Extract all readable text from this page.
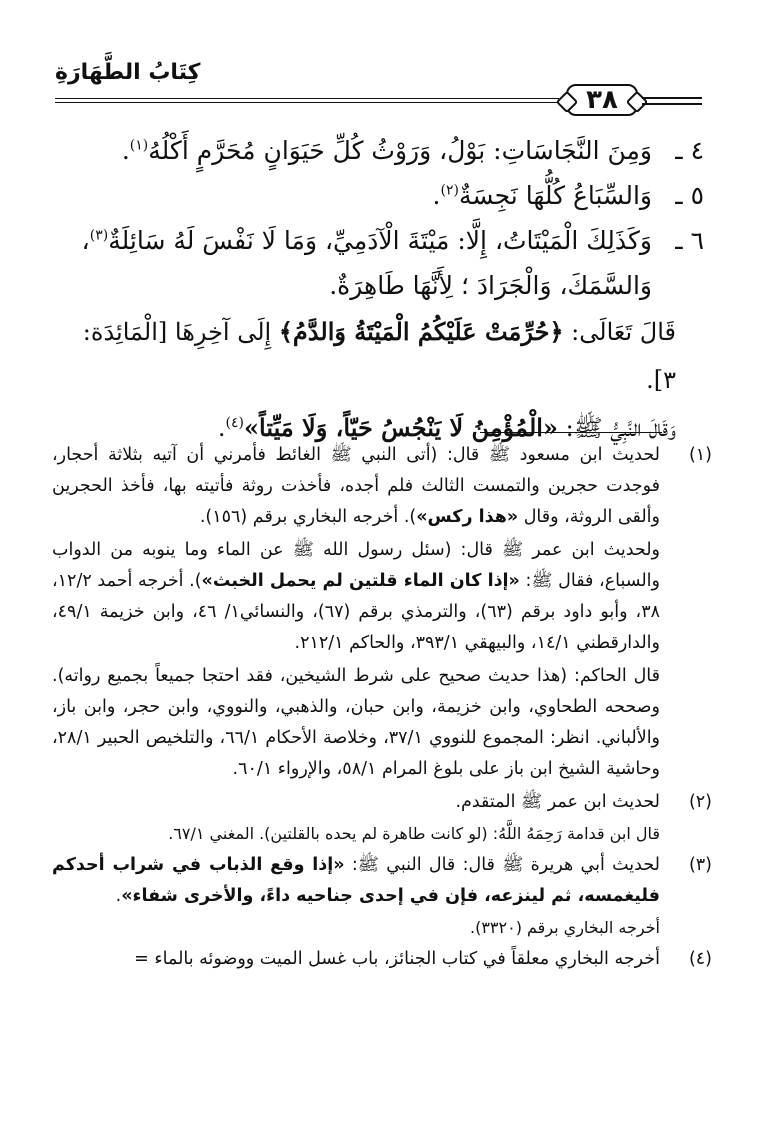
كِتَابُ الطَّهَارَةِ
٣٨
٤ ـ
وَمِنَ النَّجَاسَاتِ: بَوْلُ، وَرَوْثُ كُلِّ حَيَوَانٍ مُحَرَّمٍ أَكْلُهُ$^{(١)}$.
٥ ـ
وَالسِّبَاعُ كُلُّهَا نَجِسَةٌ$^{(٢)}$.
٦ ـ
وَكَذَلِكَ الْمَيْتَاتُ، إِلَّا: مَيْتَةَ الْآدَمِيِّ، وَمَا لَا نَفْسَ لَهُ سَائِلَةٌ$^{(٣)}$،
وَالسَّمَكَ، وَالْجَرَادَ ؛ لِأَنَّهَا طَاهِرَةٌ.
قَالَ تَعَالَى: ﴿حُرِّمَتْ عَلَيْكُمُ الْمَيْتَةُ وَالدَّمُ﴾ إِلَى آخِرِهَا [الْمَائِدَة: ٣].
وَقَالَ النَّبِيُّ ﷺ: «الْمُؤْمِنُ لَا يَنْجُسُ حَيّاً، وَلَا مَيِّتاً»$^{(٤)}$.
(١)
لحديث ابن مسعود ﷺ قال: (أتى النبي ﷺ الغائط فأمرني أن آتيه بثلاثة أحجار، فوجدت حجرين والتمست الثالث فلم أجده، فأخذت روثة فأتيته بها، فأخذ الحجرين وألقى الروثة، وقال «هذا ركس»). أخرجه البخاري برقم (١٥٦).
ولحديث ابن عمر ﷺ قال: (سئل رسول الله ﷺ عن الماء وما ينوبه من الدواب والسباع، فقال ﷺ: «إذا كان الماء قلتين لم يحمل الخبث»). أخرجه أحمد ١٢/٢، ٣٨، وأبو داود برقم (٦٣)، والترمذي برقم (٦٧)، والنسائي١/ ٤٦، وابن خزيمة ٤٩/١، والدارقطني ١٤/١، والبيهقي ٣٩٣/١، والحاكم ٢١٢/١.
قال الحاكم: (هذا حديث صحيح على شرط الشيخين، فقد احتجا جميعاً بجميع رواته). وصححه الطحاوي، وابن خزيمة، وابن حبان، والذهبي، والنووي، وابن حجر، وابن باز، والألباني. انظر: المجموع للنووي ٣٧/١، وخلاصة الأحكام ٦٦/١، والتلخيص الحبير ٢٨/١، وحاشية الشيخ ابن باز على بلوغ المرام ٥٨/١، والإرواء ٦٠/١.
(٢)
لحديث ابن عمر ﷺ المتقدم.
قال ابن قدامة رَحِمَهُ اللَّهُ: (لو كانت طاهرة لم يحده بالقلتين). المغني ٦٧/١.
(٣)
لحديث أبي هريرة ﷺ قال: قال النبي ﷺ: «إذا وقع الذباب في شراب أحدكم فليغمسه، ثم لينزعه، فإن في إحدى جناحيه داءً، والأخرى شفاء».
أخرجه البخاري برقم (٣٣٢٠).
(٤)
أخرجه البخاري معلقاً في كتاب الجنائز، باب غسل الميت ووضوئه بالماء =
